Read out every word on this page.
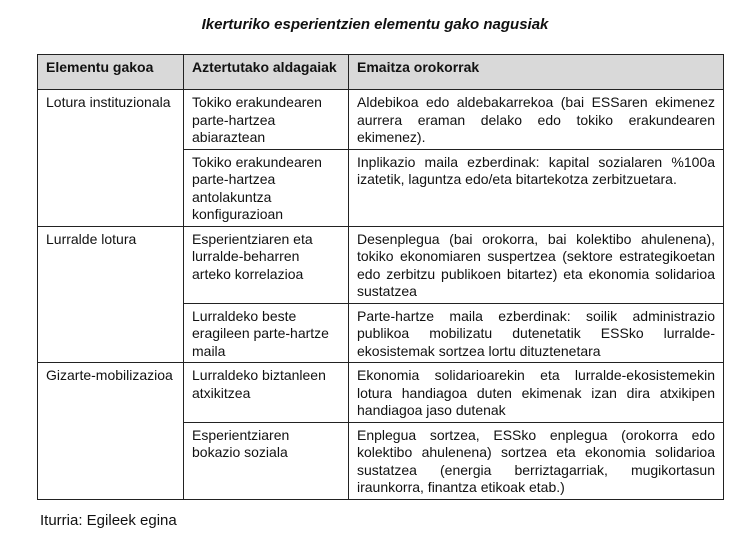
Ikerturiko esperientzien elementu gako nagusiak
Elementu gakoa	Aztertutako aldagaiak	Emaitza orokorrak
Lotura instituzionala	Tokiko erakundearen parte-hartzea abiaraztean	Aldebikoa edo aldebakarrekoa (bai ESSaren ekimenez aurrera eraman delako edo tokiko erakundearen ekimenez).
	Tokiko erakundearen parte-hartzea antolakuntza konfigurazioan	Inplikazio maila ezberdinak: kapital sozialaren %100a izatetik, laguntza edo/eta bitartekotza zerbitzuetara.
Lurralde lotura	Esperientziaren eta lurralde-beharren arteko korrelazioa	Desenplegua (bai orokorra, bai kolektibo ahulenena), tokiko ekonomiaren suspertzea (sektore estrategikoetan edo zerbitzu publikoen bitartez) eta ekonomia solidarioa sustatzea
	Lurraldeko beste eragileen parte-hartze maila	Parte-hartze maila ezberdinak: soilik administrazio publikoa mobilizatu dutenetatik ESSko lurralde-ekosistemak sortzea lortu dituztenetara
Gizarte-mobilizazioa	Lurraldeko biztanleen atxikitzea	Ekonomia solidarioarekin eta lurralde-ekosistemekin lotura handiagoa duten ekimenak izan dira atxikipen handiagoa jaso dutenak
	Esperientziaren bokazio soziala	Enplegua sortzea, ESSko enplegua (orokorra edo kolektibo ahulenena) sortzea eta ekonomia solidarioa sustatzea (energia berriztagarriak, mugikortasun iraunkorra, finantza etikoak etab.)
Iturria: Egileek egina
